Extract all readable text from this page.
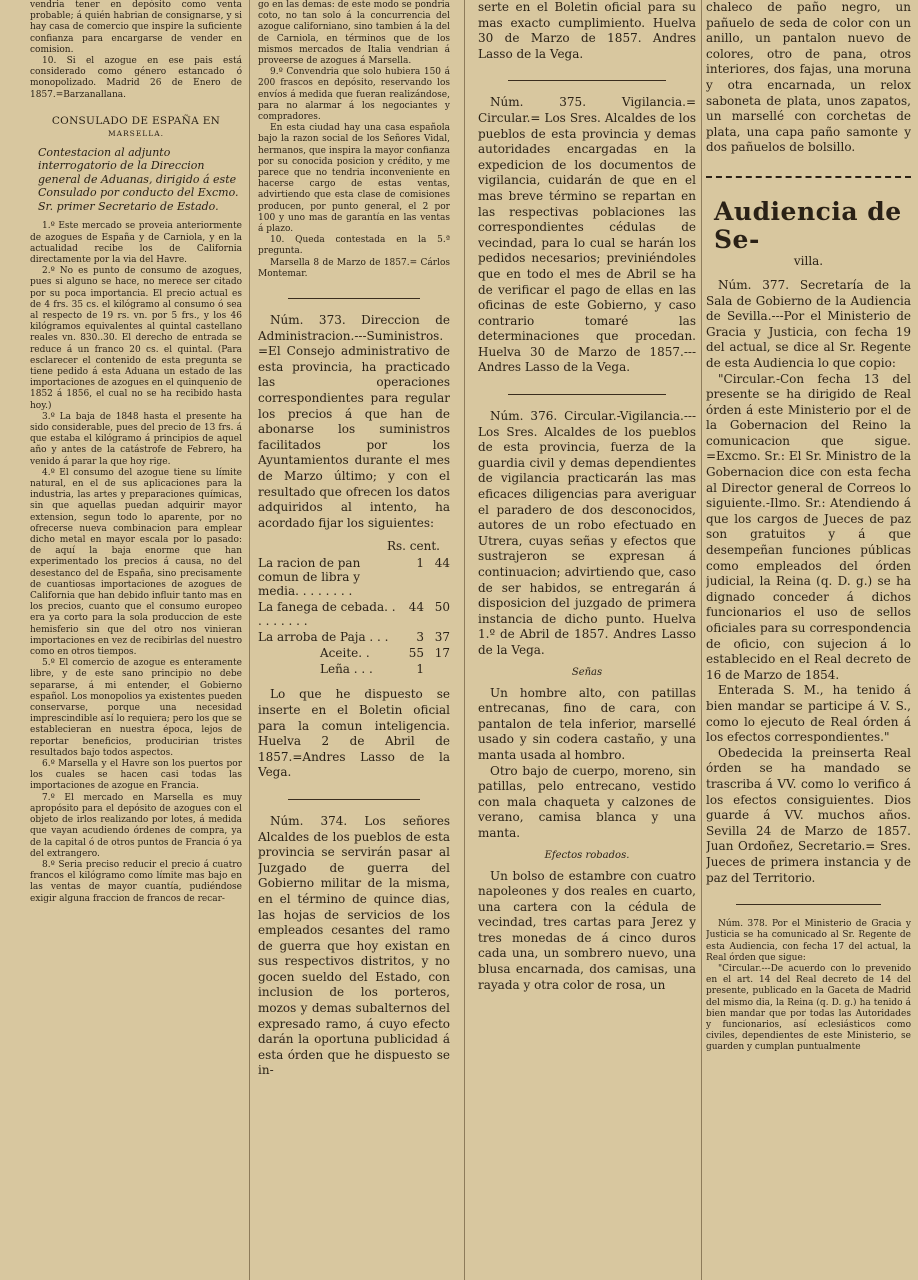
vendria tener en depósito como venta probable; á quién habrian de consignarse, y si hay casa de comercio que inspire la suficiente confianza para encargarse de vender en comision.

10. Si el azogue en ese pais está considerado como género estancado ó monopolizado. Madrid 26 de Enero de 1857.=Barzanallana.

CONSULADO DE ESPAÑA EN
MARSELLA.
Contestacion al adjunto interrogatorio de la Direccion general de Aduanas, dirigido á este Consulado por conducto del Excmo. Sr. primer Secretario de Estado.

1.º Este mercado se proveia anteriormente de azogues de España y de Carniola, y en la actualidad recibe los de California directamente por la via del Havre.

2.º No es punto de consumo de azogues, pues si alguno se hace, no merece ser citado por su poca importancia. El precio actual es de 4 frs. 35 cs. el kilógramo al consumo ó sea al respecto de 19 rs. vn. por 5 frs., y los 46 kilógramos equivalentes al quintal castellano reales vn. 830..30. El derecho de entrada se reduce á un franco 20 cs. el quintal. (Para esclarecer el contenido de esta pregunta se tiene pedido á esta Aduana un estado de las importaciones de azogues en el quinquenio de 1852 á 1856, el cual no se ha recibido hasta hoy.)

3.º La baja de 1848 hasta el presente ha sido considerable, pues del precio de 13 frs. á que estaba el kilógramo á principios de aquel año y antes de la catástrofe de Febrero, ha venido á parar la que hoy rige.

4.º El consumo del azogue tiene su límite natural, en el de sus aplicaciones para la industria, las artes y preparaciones químicas, sin que aquellas puedan adquirir mayor extension, segun todo lo aparente, por no ofrecerse nueva combinacion para emplear dicho metal en mayor escala por lo pasado: de aquí la baja enorme que han experimentado los precios á causa, no del desestanco del de España, sino precisamente de cuantiosas importaciones de azogues de California que han debido influir tanto mas en los precios, cuanto que el consumo europeo era ya corto para la sola produccion de este hemisferio sin que del otro nos vinieran importaciones en vez de recibirlas del nuestro como en otros tiempos.

5.º El comercio de azogue es enteramente libre, y de este sano principio no debe separarse, á mi entender, el Gobierno español. Los monopolios ya existentes pueden conservarse, porque una necesidad imprescindible así lo requiera; pero los que se establecieran en nuestra época, lejos de reportar beneficios, producirian tristes resultados bajo todos aspectos.

6.º Marsella y el Havre son los puertos por los cuales se hacen casi todas las importaciones de azogue en Francia.

7.º El mercado en Marsella es muy apropósito para el depósito de azogues con el objeto de irlos realizando por lotes, á medida que vayan acudiendo órdenes de compra, ya de la capital ó de otros puntos de Francia ó ya del extrangero.

8.º Seria preciso reducir el precio á cuatro francos el kilógramo como límite mas bajo en las ventas de mayor cuantía, pudiéndose exigir alguna fraccion de francos de recar-

go en las demas: de este modo se pondria coto, no tan solo á la concurrencia del azogue californiano, sino tambien á la del de Carniola, en términos que de los mismos mercados de Italia vendrian á proveerse de azogues á Marsella.

9.º Convendria que solo hubiera 150 á 200 frascos en depósito, reservando los envíos á medida que fueran realizándose, para no alarmar á los negociantes y compradores.

En esta ciudad hay una casa española bajo la razon social de los Señores Vidal, hermanos, que inspira la mayor confianza por su conocida posicion y crédito, y me parece que no tendria inconveniente en hacerse cargo de estas ventas, advirtiendo que esta clase de comisiones producen, por punto general, el 2 por 100 y uno mas de garantía en las ventas á plazo.

10. Queda contestada en la 5.ª pregunta.

Marsella 8 de Marzo de 1857.= Cárlos Montemar.

Núm. 373. Direccion de Administracion.---Suministros. =El Consejo administrativo de esta provincia, ha practicado las operaciones correspondientes para regular los precios á que han de abonarse los suministros facilitados por los Ayuntamientos durante el mes de Marzo último; y con el resultado que ofrecen los datos adquiridos al intento, ha acordado fijar los siguientes:

Rs. cent.
La racion de pan comun de libra y media. . . . . . . .	1	44
La fanega de cebada. . . . . . . . .	44	50
La arroba de Paja . . .	3	37
Aceite. .	55	17
Leña . . .	1	

Lo que he dispuesto se inserte en el Boletin oficial para la comun inteligencia. Huelva 2 de Abril de 1857.=Andres Lasso de la Vega.

Núm. 374. Los señores Alcaldes de los pueblos de esta provincia se servirán pasar al Juzgado de guerra del Gobierno militar de la misma, en el término de quince dias, las hojas de servicios de los empleados cesantes del ramo de guerra que hoy existan en sus respectivos distritos, y no gocen sueldo del Estado, con inclusion de los porteros, mozos y demas subalternos del expresado ramo, á cuyo efecto darán la oportuna publicidad á esta órden que he dispuesto se in-

serte en el Boletin oficial para su mas exacto cumplimiento. Huelva 30 de Marzo de 1857. Andres Lasso de la Vega.

Núm. 375. Vigilancia.= Circular.= Los Sres. Alcaldes de los pueblos de esta provincia y demas autoridades encargadas en la expedicion de los documentos de vigilancia, cuidarán de que en el mas breve término se repartan en las respectivas poblaciones las correspondientes cédulas de vecindad, para lo cual se harán los pedidos necesarios; previniéndoles que en todo el mes de Abril se ha de verificar el pago de ellas en las oficinas de este Gobierno, y caso contrario tomaré las determinaciones que procedan. Huelva 30 de Marzo de 1857.---Andres Lasso de la Vega.

Núm. 376. Circular.-Vigilancia.---Los Sres. Alcaldes de los pueblos de esta provincia, fuerza de la guardia civil y demas dependientes de vigilancia practicarán las mas eficaces diligencias para averiguar el paradero de dos desconocidos, autores de un robo efectuado en Utrera, cuyas señas y efectos que sustrajeron se expresan á continuacion; advirtiendo que, caso de ser habidos, se entregarán á disposicion del juzgado de primera instancia de dicho punto. Huelva 1.º de Abril de 1857. Andres Lasso de la Vega.

Señas

Un hombre alto, con patillas entrecanas, fino de cara, con pantalon de tela inferior, marsellé usado y sin codera castaño, y una manta usada al hombro.

Otro bajo de cuerpo, moreno, sin patillas, pelo entrecano, vestido con mala chaqueta y calzones de verano, camisa blanca y una manta.

Efectos robados.

Un bolso de estambre con cuatro napoleones y dos reales en cuarto, una cartera con la cédula de vecindad, tres cartas para Jerez y tres monedas de á cinco duros cada una, un sombrero nuevo, una blusa encarnada, dos camisas, una rayada y otra color de rosa, un

chaleco de paño negro, un pañuelo de seda de color con un anillo, un pantalon nuevo de colores, otro de pana, otros interiores, dos fajas, una moruna y otra encarnada, un relox saboneta de plata, unos zapatos, un marsellé con corchetas de plata, una capa paño samonte y dos pañuelos de bolsillo.

Audiencia de Se-
villa.

Núm. 377. Secretaría de la Sala de Gobierno de la Audiencia de Sevilla.---Por el Ministerio de Gracia y Justicia, con fecha 19 del actual, se dice al Sr. Regente de esta Audiencia lo que copio:

"Circular.-Con fecha 13 del presente se ha dirigido de Real órden á este Ministerio por el de la Gobernacion del Reino la comunicacion que sigue. =Excmo. Sr.: El Sr. Ministro de la Gobernacion dice con esta fecha al Director general de Correos lo siguiente.-Ilmo. Sr.: Atendiendo á que los cargos de Jueces de paz son gratuitos y á que desempeñan funciones públicas como empleados del órden judicial, la Reina (q. D. g.) se ha dignado conceder á dichos funcionarios el uso de sellos oficiales para su correspondencia de oficio, con sujecion á lo establecido en el Real decreto de 16 de Marzo de 1854.

Enterada S. M., ha tenido á bien mandar se participe á V. S., como lo ejecuto de Real órden á los efectos correspondientes."

Obedecida la preinserta Real órden se ha mandado se trascriba á VV. como lo verifico á los efectos consiguientes. Dios guarde á VV. muchos años. Sevilla 24 de Marzo de 1857. Juan Ordoñez, Secretario.= Sres. Jueces de primera instancia y de paz del Territorio.

Núm. 378. Por el Ministerio de Gracia y Justicia se ha comunicado al Sr. Regente de esta Audiencia, con fecha 17 del actual, la Real órden que sigue:

"Circular.---De acuerdo con lo prevenido en el art. 14 del Real decreto de 14 del presente, publicado en la Gaceta de Madrid del mismo dia, la Reina (q. D. g.) ha tenido á bien mandar que por todas las Autoridades y funcionarios, así eclesiásticos como civiles, dependientes de este Ministerio, se guarden y cumplan puntualmente
